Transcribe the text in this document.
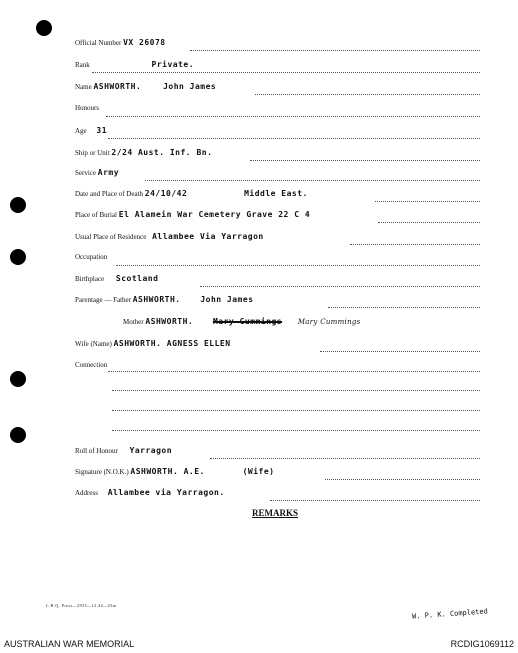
Official Number VX 26078
Rank	Private.
Name ASHWORTH.	John James
Honours
Age 31
Ship or Unit 2/24 Aust. Inf. Bn.
Service Army
Date and Place of Death 24/10/42	Middle East.
Place of Burial El Alamein War Cemetery Grave 22 C 4
Usual Place of Residence Allambee Via Yarragon
Occupation
Birthplace Scotland
Parentage — Father ASHWORTH. John James
Mother ASHWORTH. Mary Cummings Mary Cummings
Wife (Name) ASHWORTH. AGNESS ELLEN
Connection
Roll of Honour Yarragon
Signature (N.O.K.) ASHWORTH. A.E.	(Wife)
Address Allambee via Yarragon.
REMARKS
L.H.Q. Press—2935—12.44—25m
W. P. K. Completed
AUSTRALIAN WAR MEMORIAL	RCDIG1069112
